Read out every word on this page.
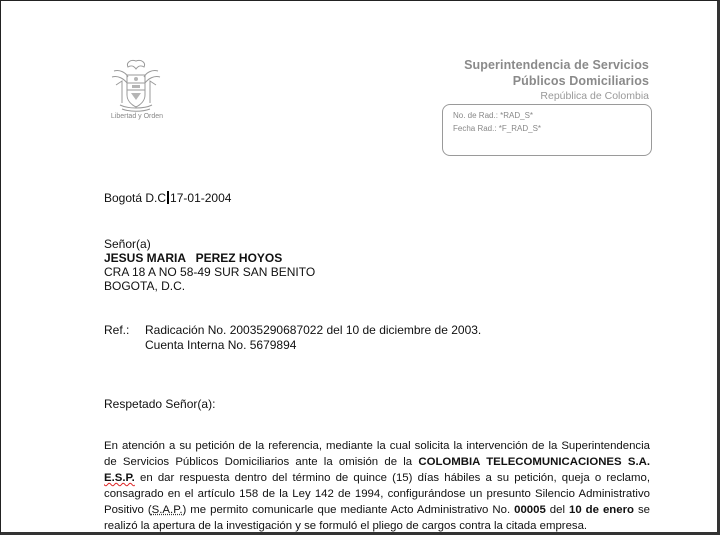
Libertad y Orden
Superintendencia de Servicios
Públicos Domiciliarios
República de Colombia
No. de Rad.: *RAD_S*
Fecha Rad.: *F_RAD_S*
Bogotá D.C 17-01-2004
Señor(a)
JESUS MARIA   PEREZ HOYOS
CRA 18 A NO 58-49 SUR SAN BENITO
BOGOTA, D.C.
Ref.: Radicación No. 20035290687022 del 10 de diciembre de 2003.
Cuenta Interna No. 5679894
Respetado Señor(a):
En atención a su petición de la referencia, mediante la cual solicita la intervención de la Superintendencia de Servicios Públicos Domiciliarios ante la omisión de la COLOMBIA TELECOMUNICACIONES S.A. E.S.P. en dar respuesta dentro del término de quince (15) días hábiles a su petición, queja o reclamo, consagrado en el artículo 158 de la Ley 142 de 1994, configurándose un presunto Silencio Administrativo Positivo (S.A.P.) me permito comunicarle que mediante Acto Administrativo No. 00005 del 10 de enero se realizó la apertura de la investigación y se formuló el pliego de cargos contra la citada empresa.
